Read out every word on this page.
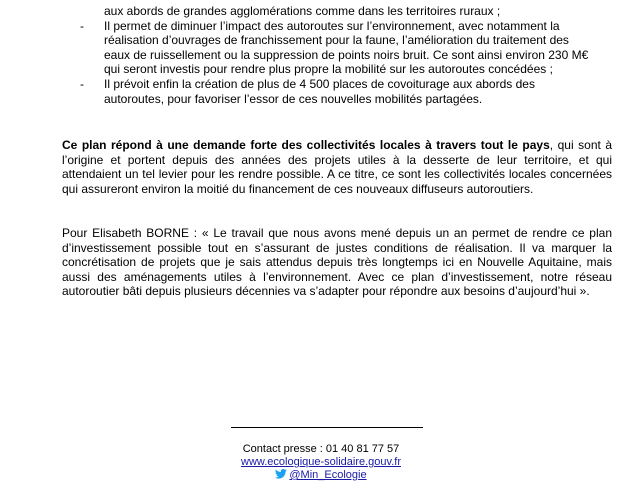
aux abords de grandes agglomérations comme dans les territoires ruraux ;
- Il permet de diminuer l’impact des autoroutes sur l’environnement, avec notamment la réalisation d’ouvrages de franchissement pour la faune, l’amélioration du traitement des eaux de ruissellement ou la suppression de points noirs bruit. Ce sont ainsi environ 230 M€ qui seront investis pour rendre plus propre la mobilité sur les autoroutes concédées ;
- Il prévoit enfin la création de plus de 4 500 places de covoiturage aux abords des autoroutes, pour favoriser l’essor de ces nouvelles mobilités partagées.
Ce plan répond à une demande forte des collectivités locales à travers tout le pays, qui sont à l’origine et portent depuis des années des projets utiles à la desserte de leur territoire, et qui attendaient un tel levier pour les rendre possible. A ce titre, ce sont les collectivités locales concernées qui assureront environ la moitié du financement de ces nouveaux diffuseurs autoroutiers.
Pour Elisabeth BORNE : « Le travail que nous avons mené depuis un an permet de rendre ce plan d’investissement possible tout en s’assurant de justes conditions de réalisation. Il va marquer la concrétisation de projets que je sais attendus depuis très longtemps ici en Nouvelle Aquitaine, mais aussi des aménagements utiles à l’environnement. Avec ce plan d’investissement, notre réseau autoroutier bâti depuis plusieurs décennies va s’adapter pour répondre aux besoins d’aujourd’hui ».
Contact presse : 01 40 81 77 57
www.ecologique-solidaire.gouv.fr
@Min_Ecologie
